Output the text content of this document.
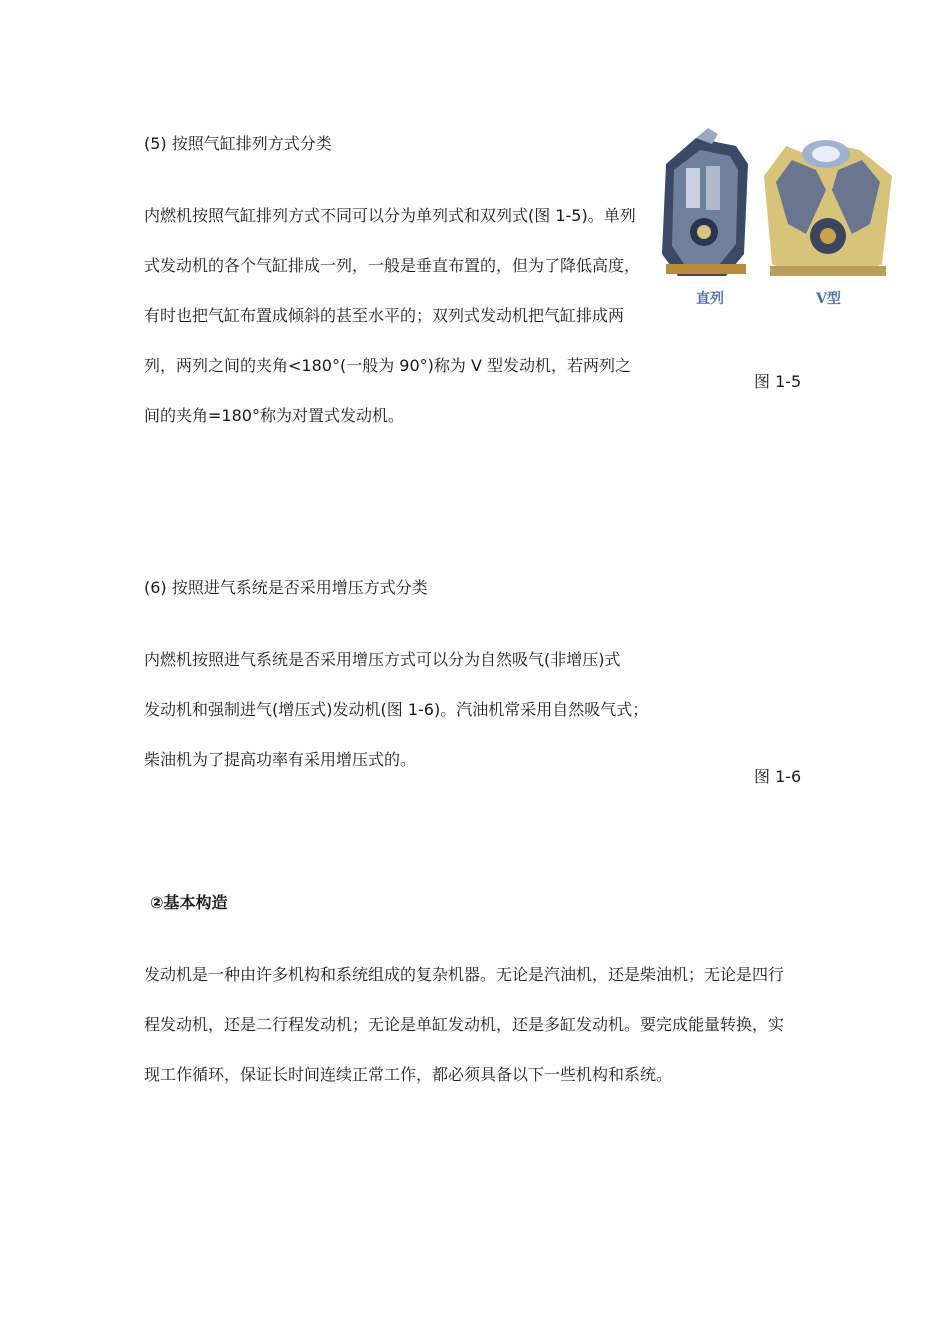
(5) 按照气缸排列方式分类

内燃机按照气缸排列方式不同可以分为单列式和双列式(图 1-5)。单列

式发动机的各个气缸排成一列，一般是垂直布置的，但为了降低高度，

有时也把气缸布置成倾斜的甚至水平的；双列式发动机把气缸排成两

列，两列之间的夹角<180°(一般为 90°)称为 V 型发动机，若两列之

间的夹角=180°称为对置式发动机。

直列	V型

图 1-5

(6) 按照进气系统是否采用增压方式分类

内燃机按照进气系统是否采用增压方式可以分为自然吸气(非增压)式

发动机和强制进气(增压式)发动机(图 1-6)。汽油机常采用自然吸气式；

柴油机为了提高功率有采用增压式的。

图 1-6

②基本构造

发动机是一种由许多机构和系统组成的复杂机器。无论是汽油机，还是柴油机；无论是四行

程发动机，还是二行程发动机；无论是单缸发动机，还是多缸发动机。要完成能量转换，实

现工作循环，保证长时间连续正常工作，都必须具备以下一些机构和系统。
